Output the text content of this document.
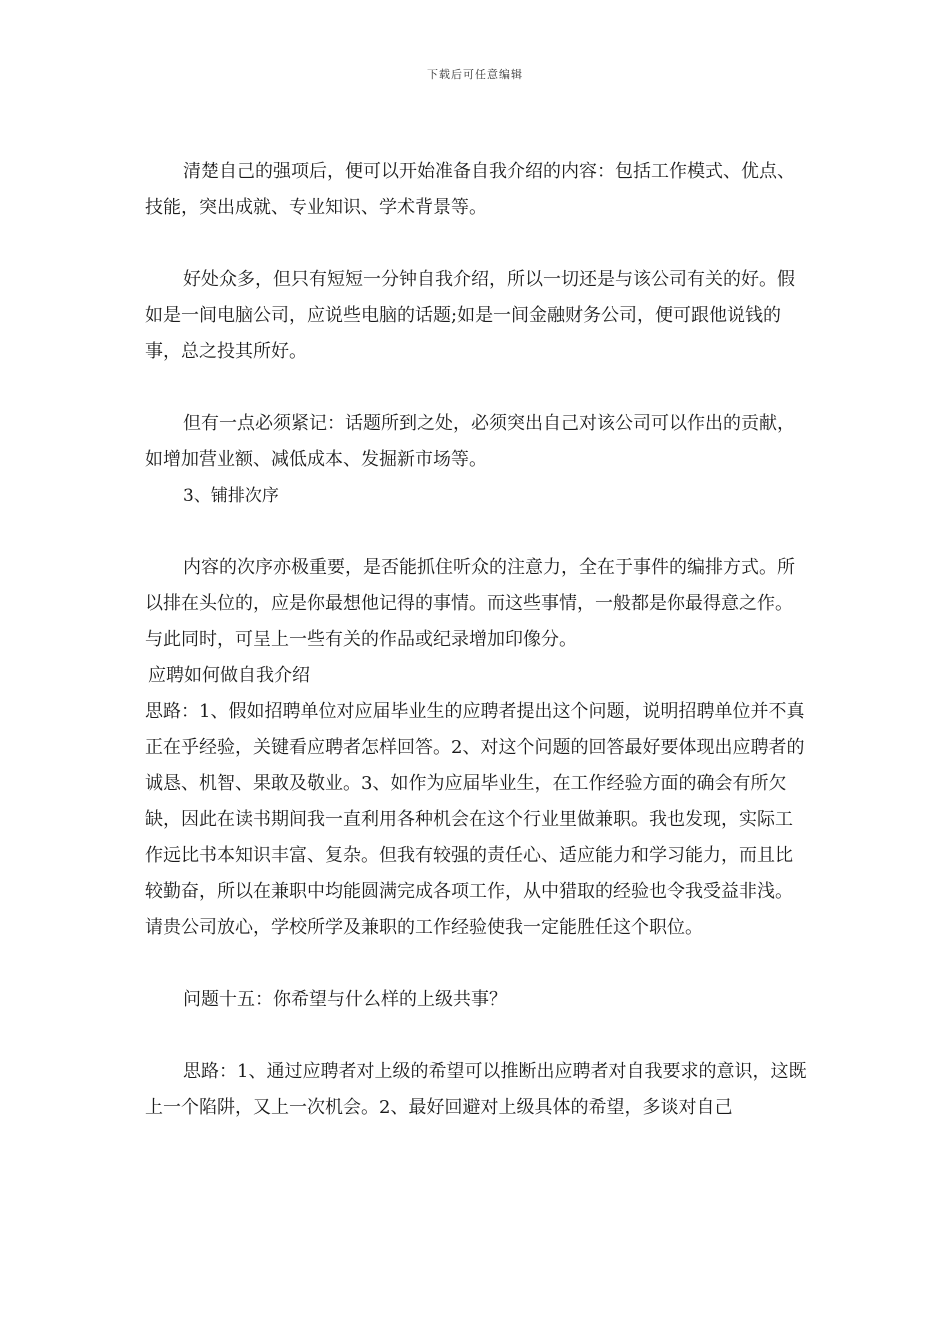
下载后可任意编辑

清楚自己的强项后，便可以开始准备自我介绍的内容：包括工作模式、优点、技能，突出成就、专业知识、学术背景等。

好处众多，但只有短短一分钟自我介绍，所以一切还是与该公司有关的好。假如是一间电脑公司，应说些电脑的话题;如是一间金融财务公司，便可跟他说钱的事，总之投其所好。

但有一点必须紧记：话题所到之处，必须突出自己对该公司可以作出的贡献，如增加营业额、减低成本、发掘新市场等。

3、铺排次序

内容的次序亦极重要，是否能抓住听众的注意力，全在于事件的编排方式。所以排在头位的，应是你最想他记得的事情。而这些事情，一般都是你最得意之作。与此同时，可呈上一些有关的作品或纪录增加印像分。

应聘如何做自我介绍

思路：1、假如招聘单位对应届毕业生的应聘者提出这个问题，说明招聘单位并不真正在乎经验，关键看应聘者怎样回答。2、对这个问题的回答最好要体现出应聘者的诚恳、机智、果敢及敬业。3、如作为应届毕业生，在工作经验方面的确会有所欠缺，因此在读书期间我一直利用各种机会在这个行业里做兼职。我也发现，实际工作远比书本知识丰富、复杂。但我有较强的责任心、适应能力和学习能力，而且比较勤奋，所以在兼职中均能圆满完成各项工作，从中猎取的经验也令我受益非浅。请贵公司放心，学校所学及兼职的工作经验使我一定能胜任这个职位。

问题十五：你希望与什么样的上级共事？

思路：1、通过应聘者对上级的希望可以推断出应聘者对自我要求的意识，这既上一个陷阱，又上一次机会。2、最好回避对上级具体的希望，多谈对自己
